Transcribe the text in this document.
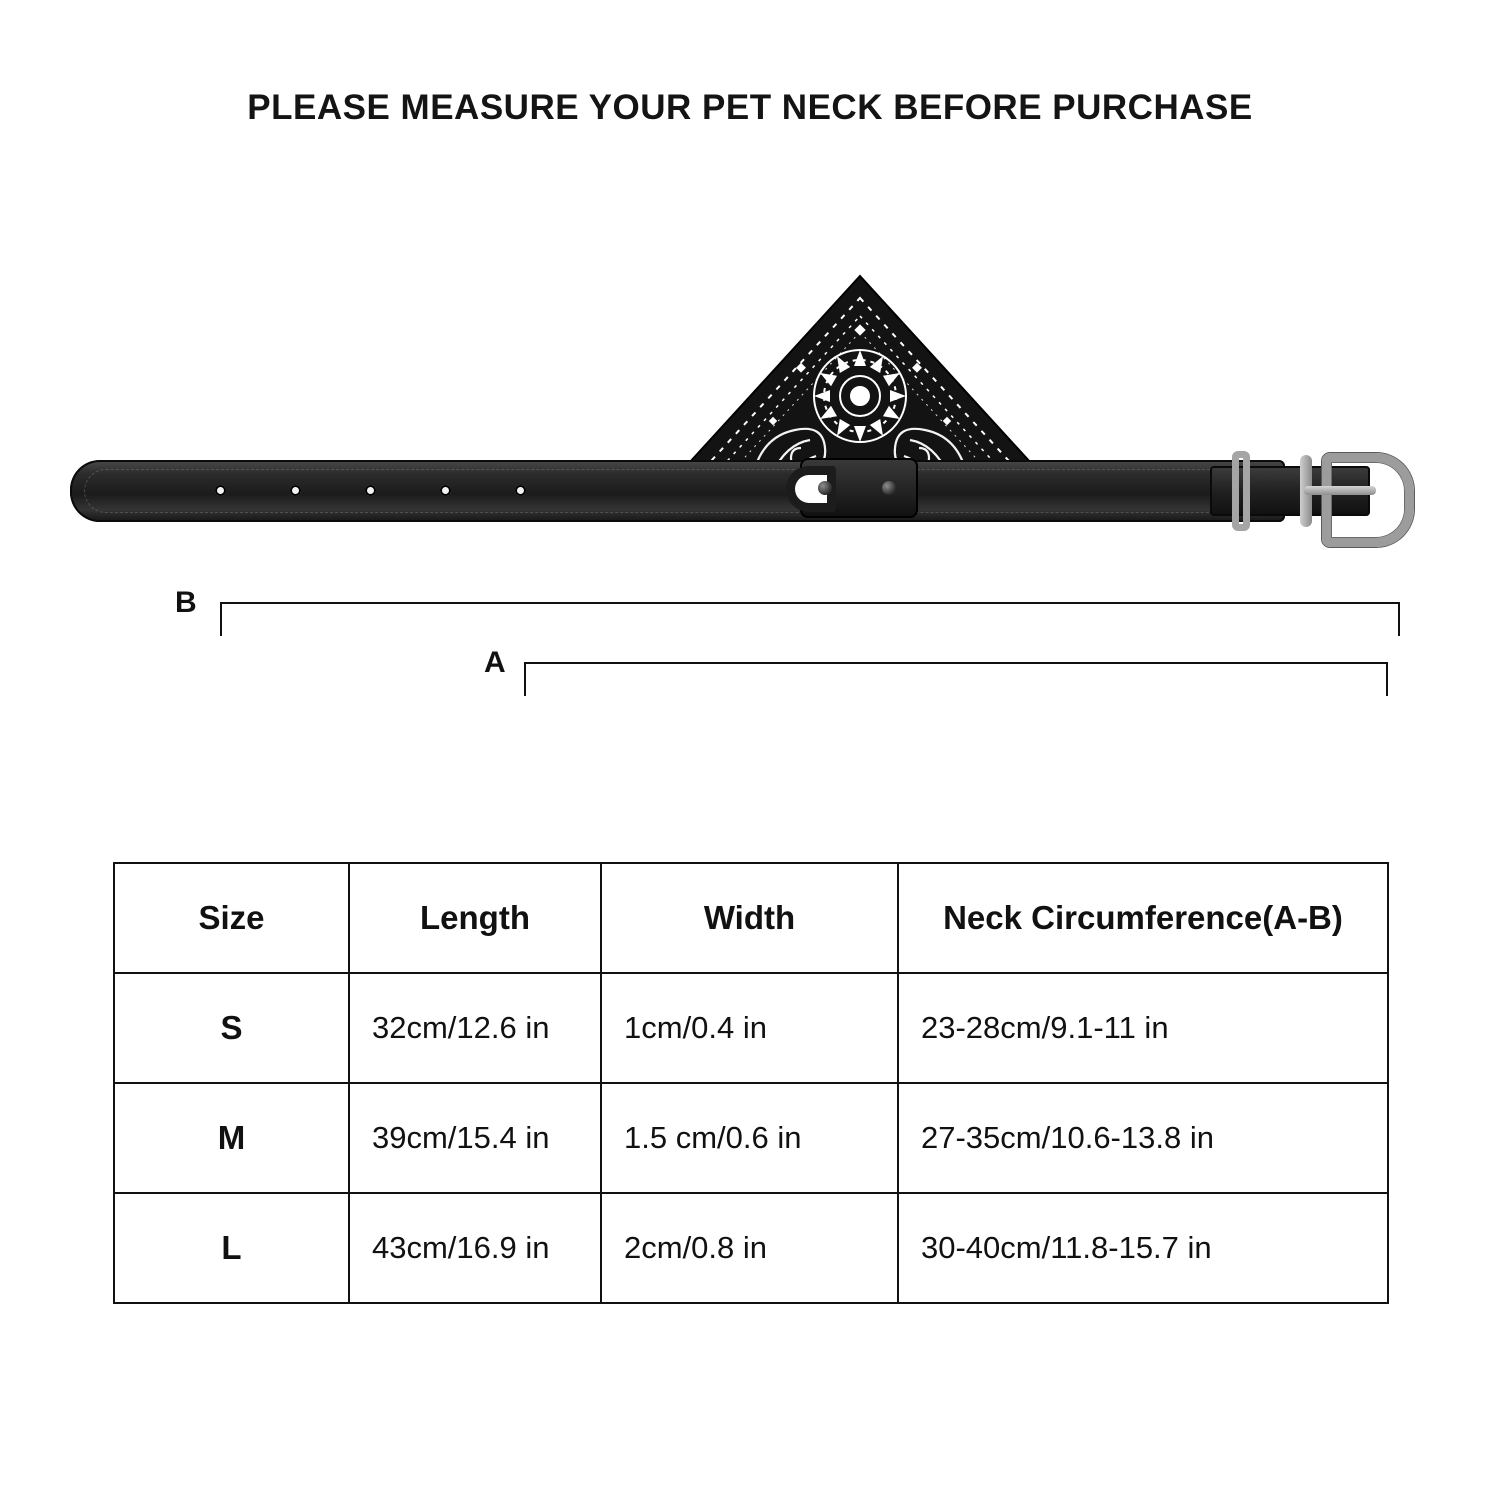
PLEASE MEASURE YOUR PET NECK BEFORE PURCHASE
B
A
Size	Length	Width	Neck Circumference(A-B)
S	32cm/12.6 in	1cm/0.4 in	23-28cm/9.1-11 in
M	39cm/15.4 in	1.5 cm/0.6 in	27-35cm/10.6-13.8 in
L	43cm/16.9 in	2cm/0.8 in	30-40cm/11.8-15.7 in
